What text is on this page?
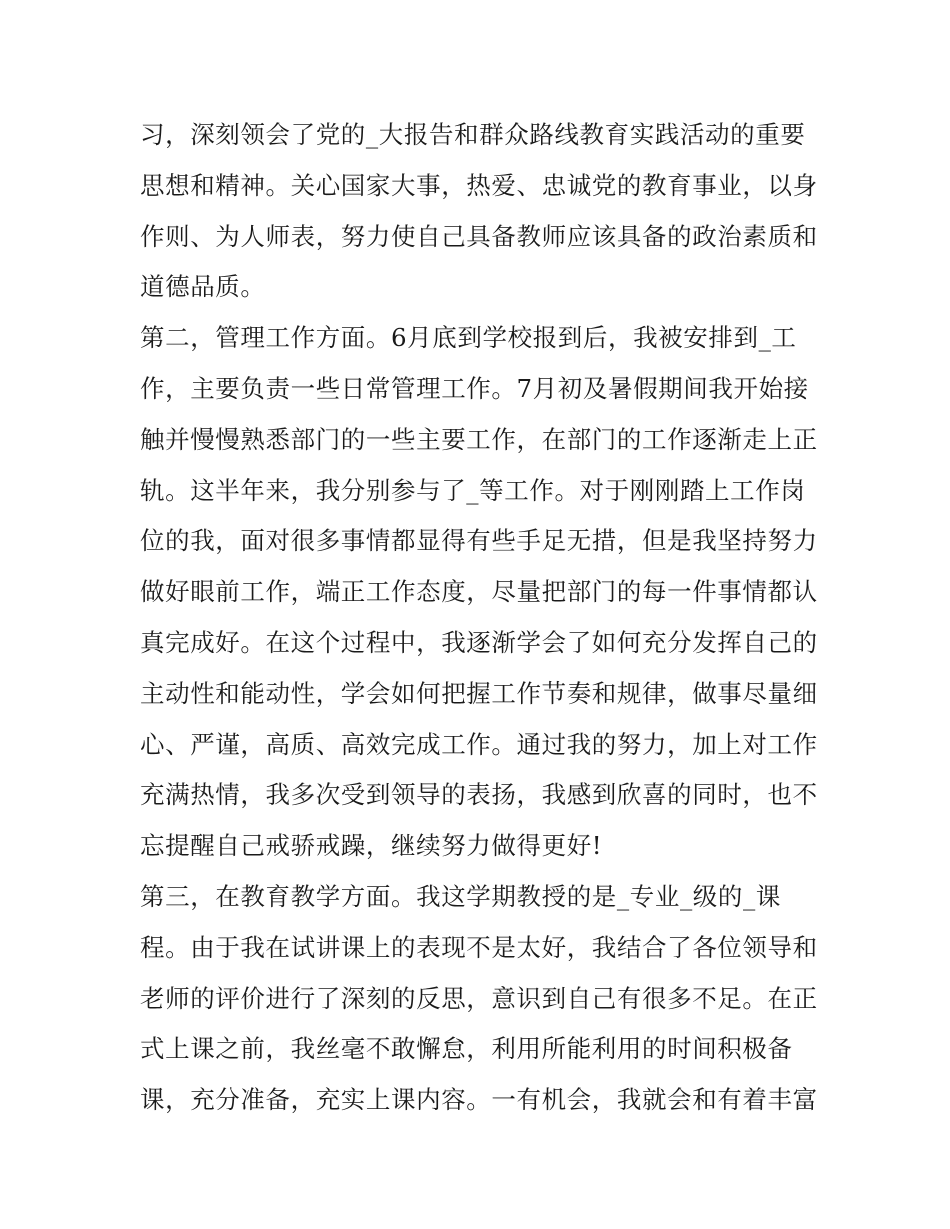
习，深刻领会了党的_大报告和群众路线教育实践活动的重要
思想和精神。关心国家大事，热爱、忠诚党的教育事业，以身
作则、为人师表，努力使自己具备教师应该具备的政治素质和
道德品质。
第二，管理工作方面。6月底到学校报到后，我被安排到_工
作，主要负责一些日常管理工作。7月初及暑假期间我开始接
触并慢慢熟悉部门的一些主要工作，在部门的工作逐渐走上正
轨。这半年来，我分别参与了_等工作。对于刚刚踏上工作岗
位的我，面对很多事情都显得有些手足无措，但是我坚持努力
做好眼前工作，端正工作态度，尽量把部门的每一件事情都认
真完成好。在这个过程中，我逐渐学会了如何充分发挥自己的
主动性和能动性，学会如何把握工作节奏和规律，做事尽量细
心、严谨，高质、高效完成工作。通过我的努力，加上对工作
充满热情，我多次受到领导的表扬，我感到欣喜的同时，也不
忘提醒自己戒骄戒躁，继续努力做得更好!
第三，在教育教学方面。我这学期教授的是_专业_级的_课
程。由于我在试讲课上的表现不是太好，我结合了各位领导和
老师的评价进行了深刻的反思，意识到自己有很多不足。在正
式上课之前，我丝毫不敢懈怠，利用所能利用的时间积极备
课，充分准备，充实上课内容。一有机会，我就会和有着丰富
